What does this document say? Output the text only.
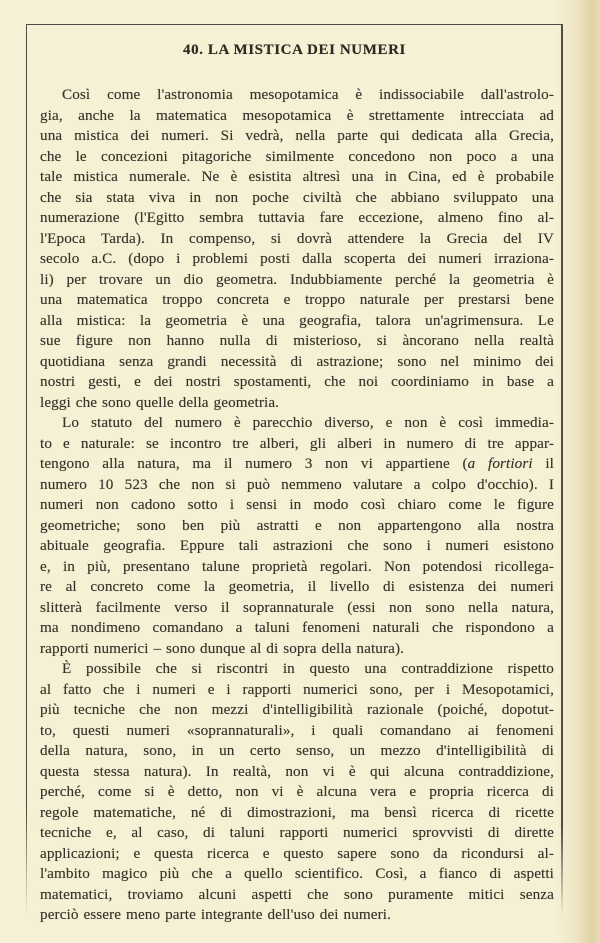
40. LA MISTICA DEI NUMERI
Così come l'astronomia mesopotamica è indissociabile dall'astrolo-
gia, anche la matematica mesopotamica è strettamente intrecciata ad
una mistica dei numeri. Si vedrà, nella parte qui dedicata alla Grecia,
che le concezioni pitagoriche similmente concedono non poco a una
tale mistica numerale. Ne è esistita altresì una in Cina, ed è probabile
che sia stata viva in non poche civiltà che abbiano sviluppato una
numerazione (l'Egitto sembra tuttavia fare eccezione, almeno fino al-
l'Epoca Tarda). In compenso, si dovrà attendere la Grecia del IV
secolo a.C. (dopo i problemi posti dalla scoperta dei numeri irraziona-
li) per trovare un dio geometra. Indubbiamente perché la geometria è
una matematica troppo concreta e troppo naturale per prestarsi bene
alla mistica: la geometria è una geografia, talora un'agrimensura. Le
sue figure non hanno nulla di misterioso, si àncorano nella realtà
quotidiana senza grandi necessità di astrazione; sono nel minimo dei
nostri gesti, e dei nostri spostamenti, che noi coordiniamo in base a
leggi che sono quelle della geometria.
Lo statuto del numero è parecchio diverso, e non è così immedia-
to e naturale: se incontro tre alberi, gli alberi in numero di tre appar-
tengono alla natura, ma il numero 3 non vi appartiene (a fortiori il
numero 10 523 che non si può nemmeno valutare a colpo d'occhio). I
numeri non cadono sotto i sensi in modo così chiaro come le figure
geometriche; sono ben più astratti e non appartengono alla nostra
abituale geografia. Eppure tali astrazioni che sono i numeri esistono
e, in più, presentano talune proprietà regolari. Non potendosi ricollega-
re al concreto come la geometria, il livello di esistenza dei numeri
slitterà facilmente verso il soprannaturale (essi non sono nella natura,
ma nondimeno comandano a taluni fenomeni naturali che rispondono a
rapporti numerici – sono dunque al di sopra della natura).
È possibile che si riscontri in questo una contraddizione rispetto
al fatto che i numeri e i rapporti numerici sono, per i Mesopotamici,
più tecniche che non mezzi d'intelligibilità razionale (poiché, dopotut-
to, questi numeri «soprannaturali», i quali comandano ai fenomeni
della natura, sono, in un certo senso, un mezzo d'intelligibilità di
questa stessa natura). In realtà, non vi è qui alcuna contraddizione,
perché, come si è detto, non vi è alcuna vera e propria ricerca di
regole matematiche, né di dimostrazioni, ma bensì ricerca di ricette
tecniche e, al caso, di taluni rapporti numerici sprovvisti di dirette
applicazioni; e questa ricerca e questo sapere sono da ricondursi al-
l'ambito magico più che a quello scientifico. Così, a fianco di aspetti
matematici, troviamo alcuni aspetti che sono puramente mitici senza
perciò essere meno parte integrante dell'uso dei numeri.
